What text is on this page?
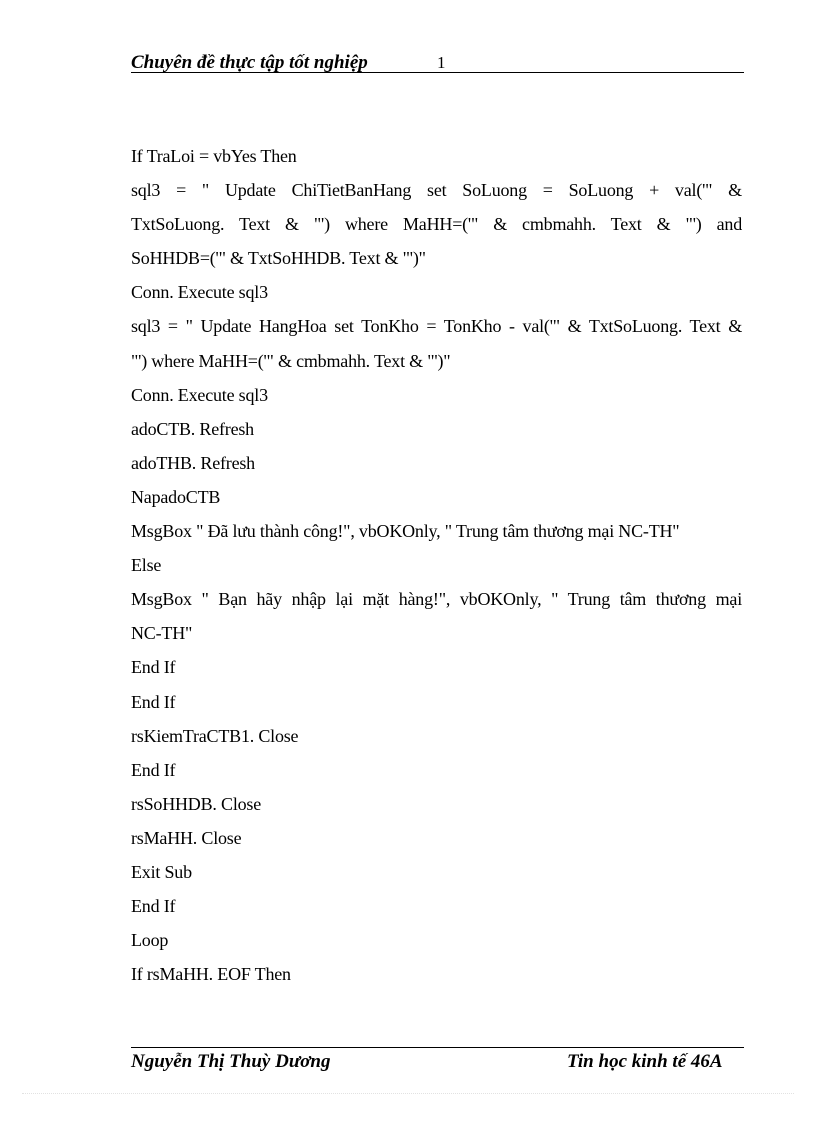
Chuyên đề thực tập tốt nghiệp	1
If TraLoi = vbYes Then
sql3 = " Update ChiTietBanHang set SoLuong = SoLuong + val('" &
TxtSoLuong. Text & "') where MaHH=('" & cmbmahh. Text & "') and
SoHHDB=('" & TxtSoHHDB. Text & "')"
Conn. Execute sql3
sql3 = " Update HangHoa set TonKho = TonKho - val('" & TxtSoLuong. Text &
"') where MaHH=('" & cmbmahh. Text & "')"
Conn. Execute sql3
adoCTB. Refresh
adoTHB. Refresh
NapadoCTB
MsgBox " Đã lưu thành công!", vbOKOnly, " Trung tâm thương mại NC-TH"
Else
MsgBox " Bạn hãy nhập lại mặt hàng!", vbOKOnly, " Trung tâm thương mại
NC-TH"
End If
End If
rsKiemTraCTB1. Close
End If
rsSoHHDB. Close
rsMaHH. Close
Exit Sub
End If
Loop
If rsMaHH. EOF Then
Nguyễn Thị Thuỳ Dương	Tin học kinh tế 46A
